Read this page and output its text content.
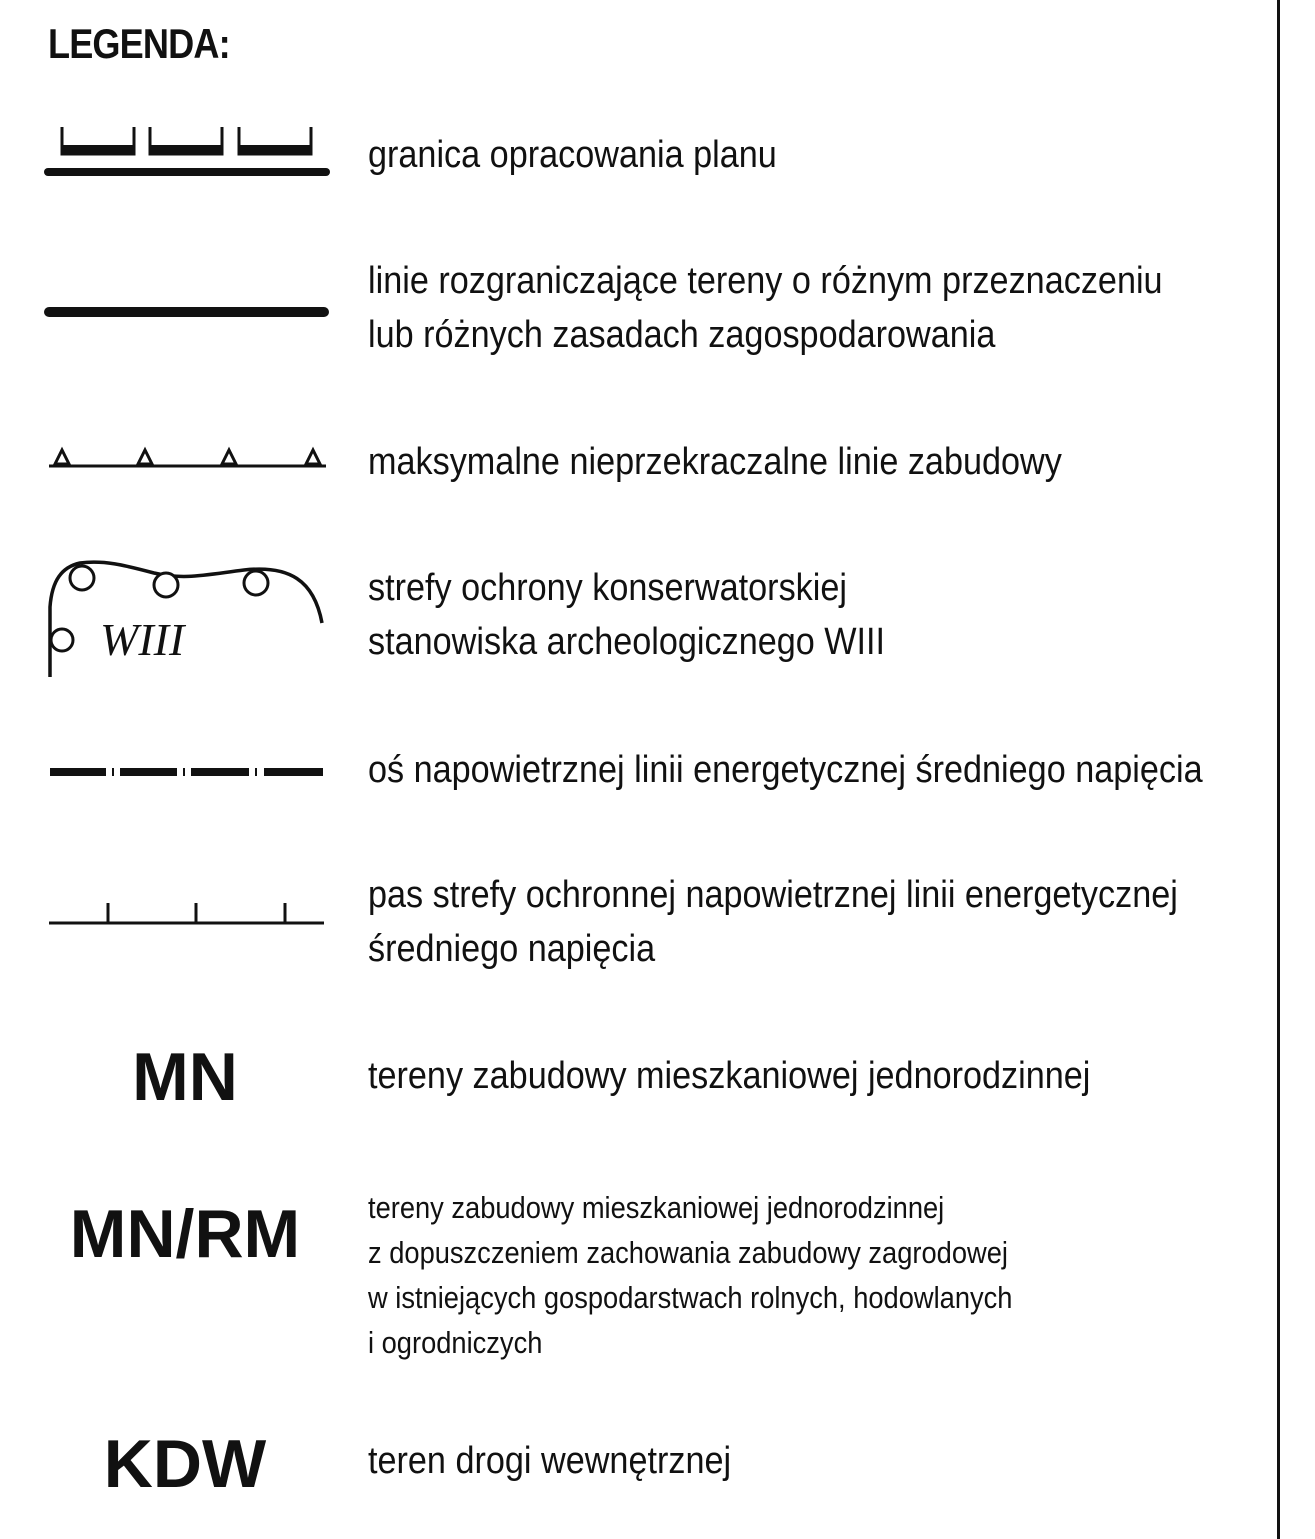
LEGENDA:
granica opracowania planu
linie rozgraniczające tereny o różnym przeznaczeniu
lub różnych zasadach zagospodarowania
maksymalne nieprzekraczalne linie zabudowy
WIII
strefy ochrony konserwatorskiej
stanowiska archeologicznego WIII
oś napowietrznej linii energetycznej średniego napięcia
pas strefy ochronnej napowietrznej linii energetycznej
średniego napięcia
MN	tereny zabudowy mieszkaniowej jednorodzinnej
MN/RM	tereny zabudowy mieszkaniowej jednorodzinnej
z dopuszczeniem zachowania zabudowy zagrodowej
w istniejących gospodarstwach rolnych, hodowlanych
i ogrodniczych
KDW	teren drogi wewnętrznej
